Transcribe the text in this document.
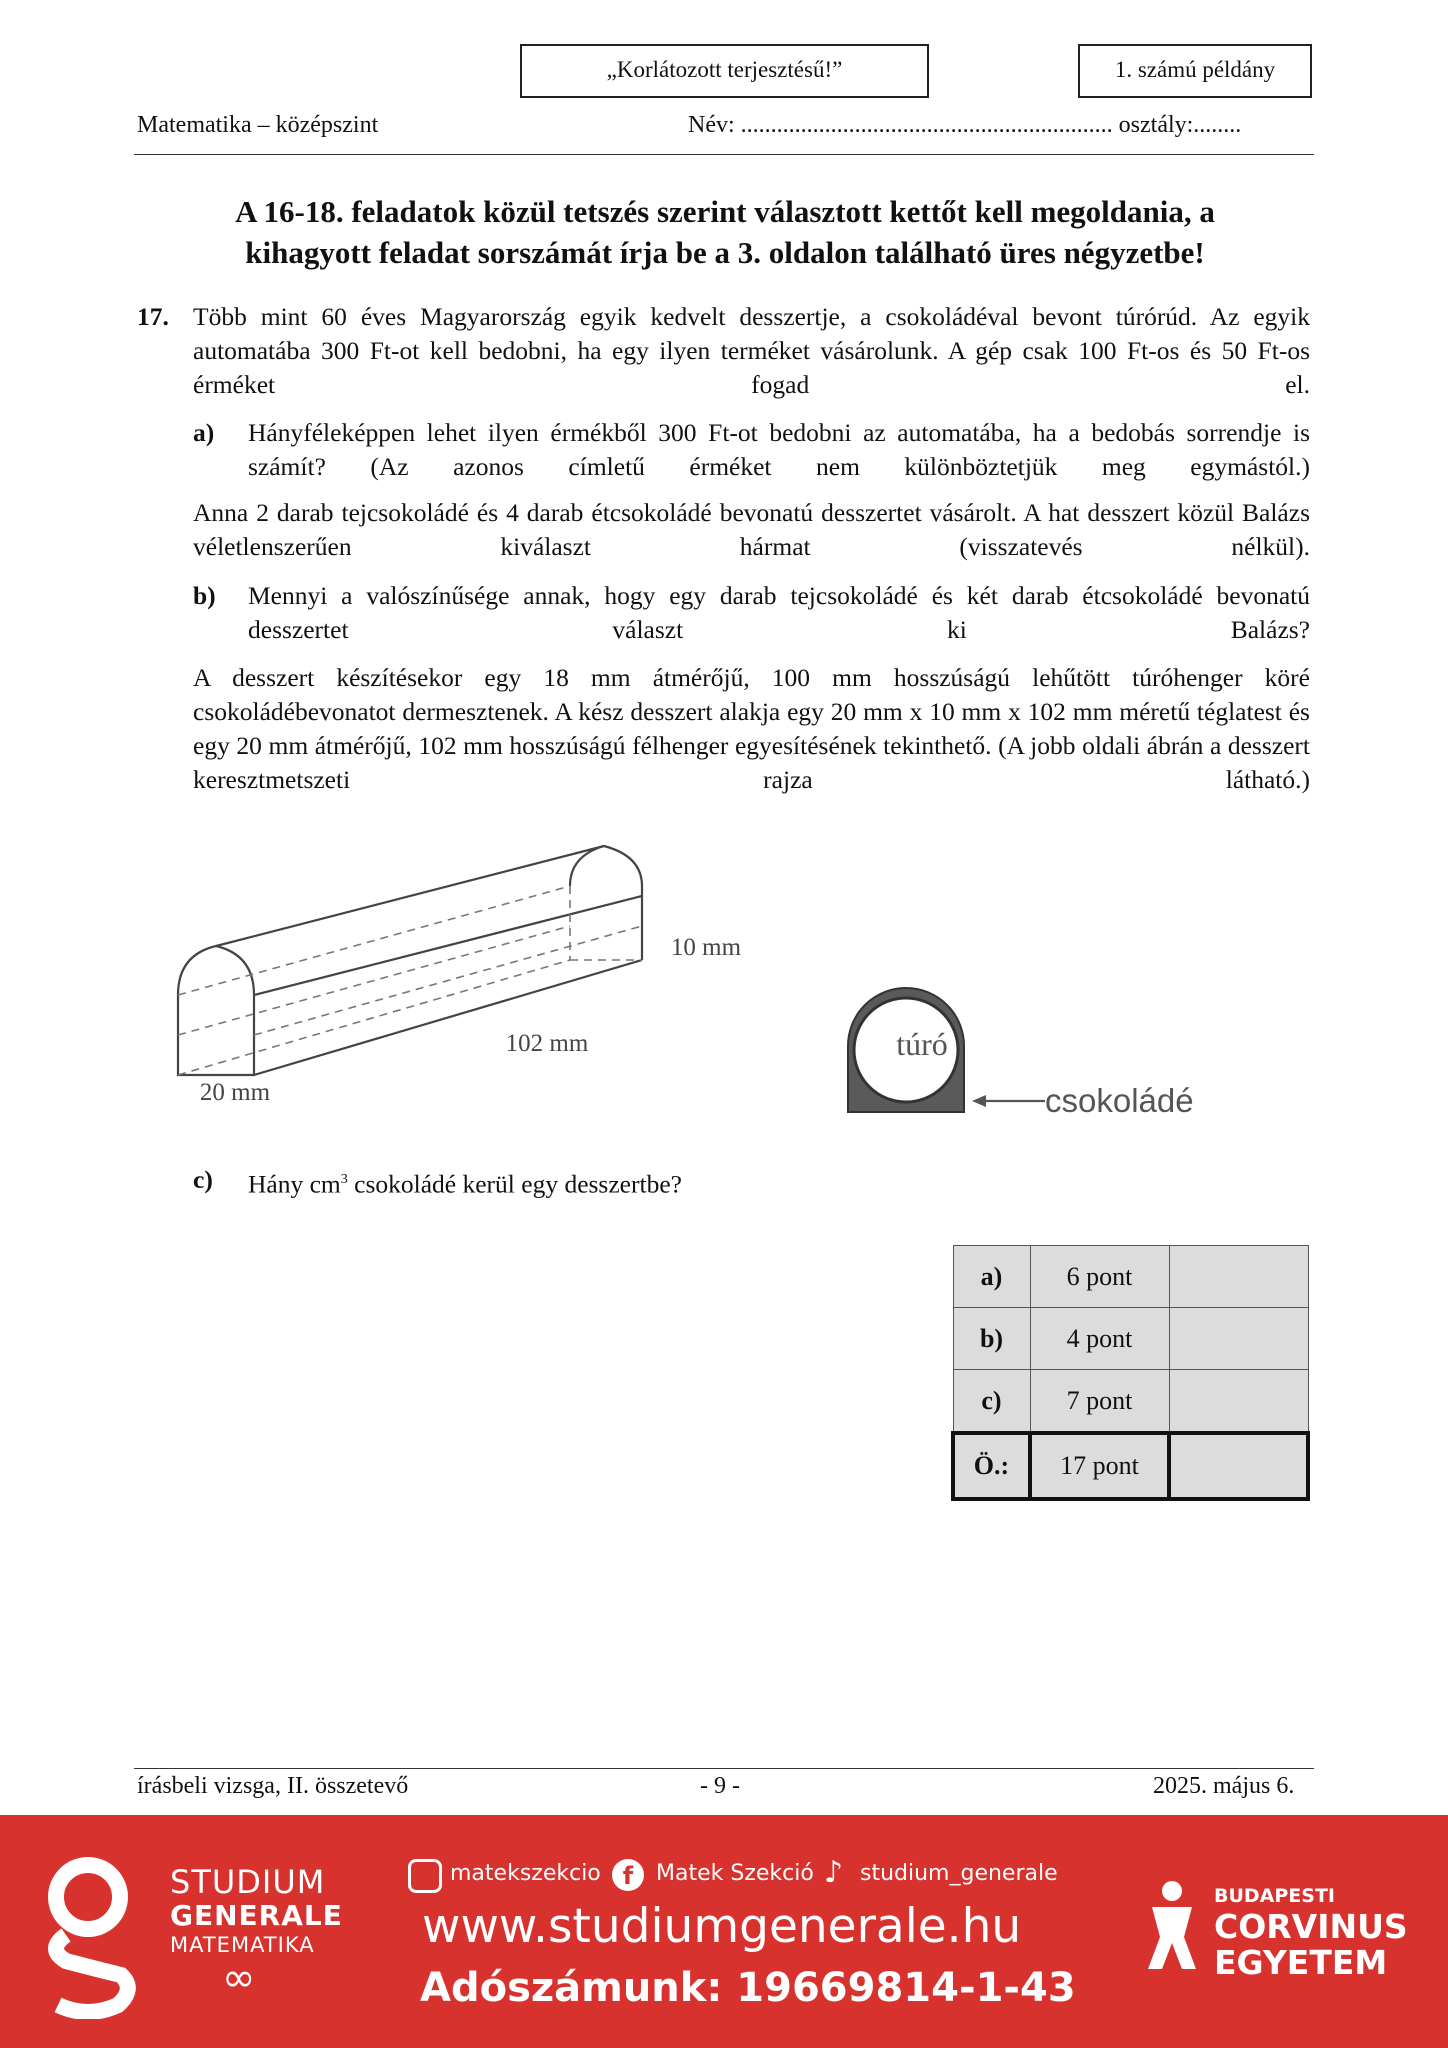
„Korlátozott terjesztésű!”	1. számú példány
Matematika – középszint	Név: .............................................................. osztály:........
A 16-18. feladatok közül tetszés szerint választott kettőt kell megoldania, a
kihagyott feladat sorszámát írja be a 3. oldalon található üres négyzetbe!
17. Több mint 60 éves Magyarország egyik kedvelt desszertje, a csokoládéval bevont túrórúd. Az egyik automatába 300 Ft-ot kell bedobni, ha egy ilyen terméket vásárolunk. A gép csak 100 Ft-os és 50 Ft-os érméket fogad el.
a) Hányféleképpen lehet ilyen érmékből 300 Ft-ot bedobni az automatába, ha a bedobás sorrendje is számít? (Az azonos címletű érméket nem különböztetjük meg egymástól.)
Anna 2 darab tejcsokoládé és 4 darab étcsokoládé bevonatú desszertet vásárolt. A hat desszert közül Balázs véletlenszerűen kiválaszt hármat (visszatevés nélkül).
b) Mennyi a valószínűsége annak, hogy egy darab tejcsokoládé és két darab étcsokoládé bevonatú desszertet választ ki Balázs?
A desszert készítésekor egy 18 mm átmérőjű, 100 mm hosszúságú lehűtött túróhenger köré csokoládébevonatot dermesztenek. A kész desszert alakja egy 20 mm x 10 mm x 102 mm méretű téglatest és egy 20 mm átmérőjű, 102 mm hosszúságú félhenger egyesítésének tekinthető. (A jobb oldali ábrán a desszert keresztmetszeti rajza látható.)
10 mm
102 mm
20 mm
túró
csokoládé
c) Hány $cm^3$ csokoládé kerül egy desszertbe?
a)	6 pont	
b)	4 pont	
c)	7 pont	
Ö.:	17 pont	
írásbeli vizsga, II. összetevő	- 9 -	2025. május 6.
STUDIUM
GENERALE
MATEMATIKA
∞
matekszekcio f	Matek Szekció ♪ studium_generale
www.studiumgenerale.hu
Adószámunk: 19669814-1-43
BUDAPESTI
CORVINUS
EGYETEM
